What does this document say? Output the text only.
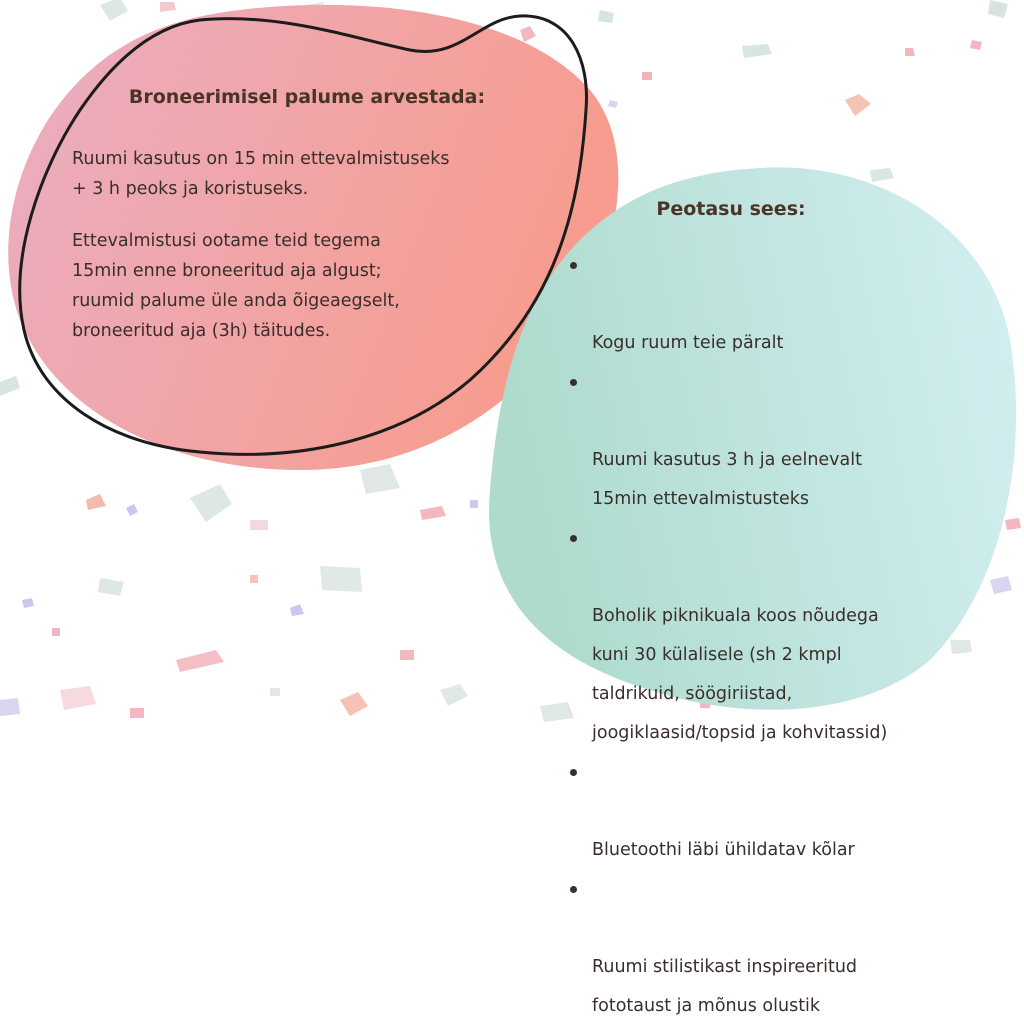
Broneerimisel palume arvestada:

Ruumi kasutus on 15 min ettevalmistuseks
+ 3 h peoks ja koristuseks.

Ettevalmistusi ootame teid tegema
15min enne broneeritud aja algust;
ruumid palume üle anda õigeaegselt,
broneeritud aja (3h) täitudes.

Peotasu sees:

Kogu ruum teie päralt

Ruumi kasutus 3 h ja eelnevalt
15min ettevalmistusteks

Boholik piknikuala koos nõudega
kuni 30 külalisele (sh 2 kmpl
taldrikuid, söögiriistad,
joogiklaasid/topsid ja kohvitassid)

Bluetoothi läbi ühildatav kõlar

Ruumi stilistikast inspireeritud
fototaust ja mõnus olustik
